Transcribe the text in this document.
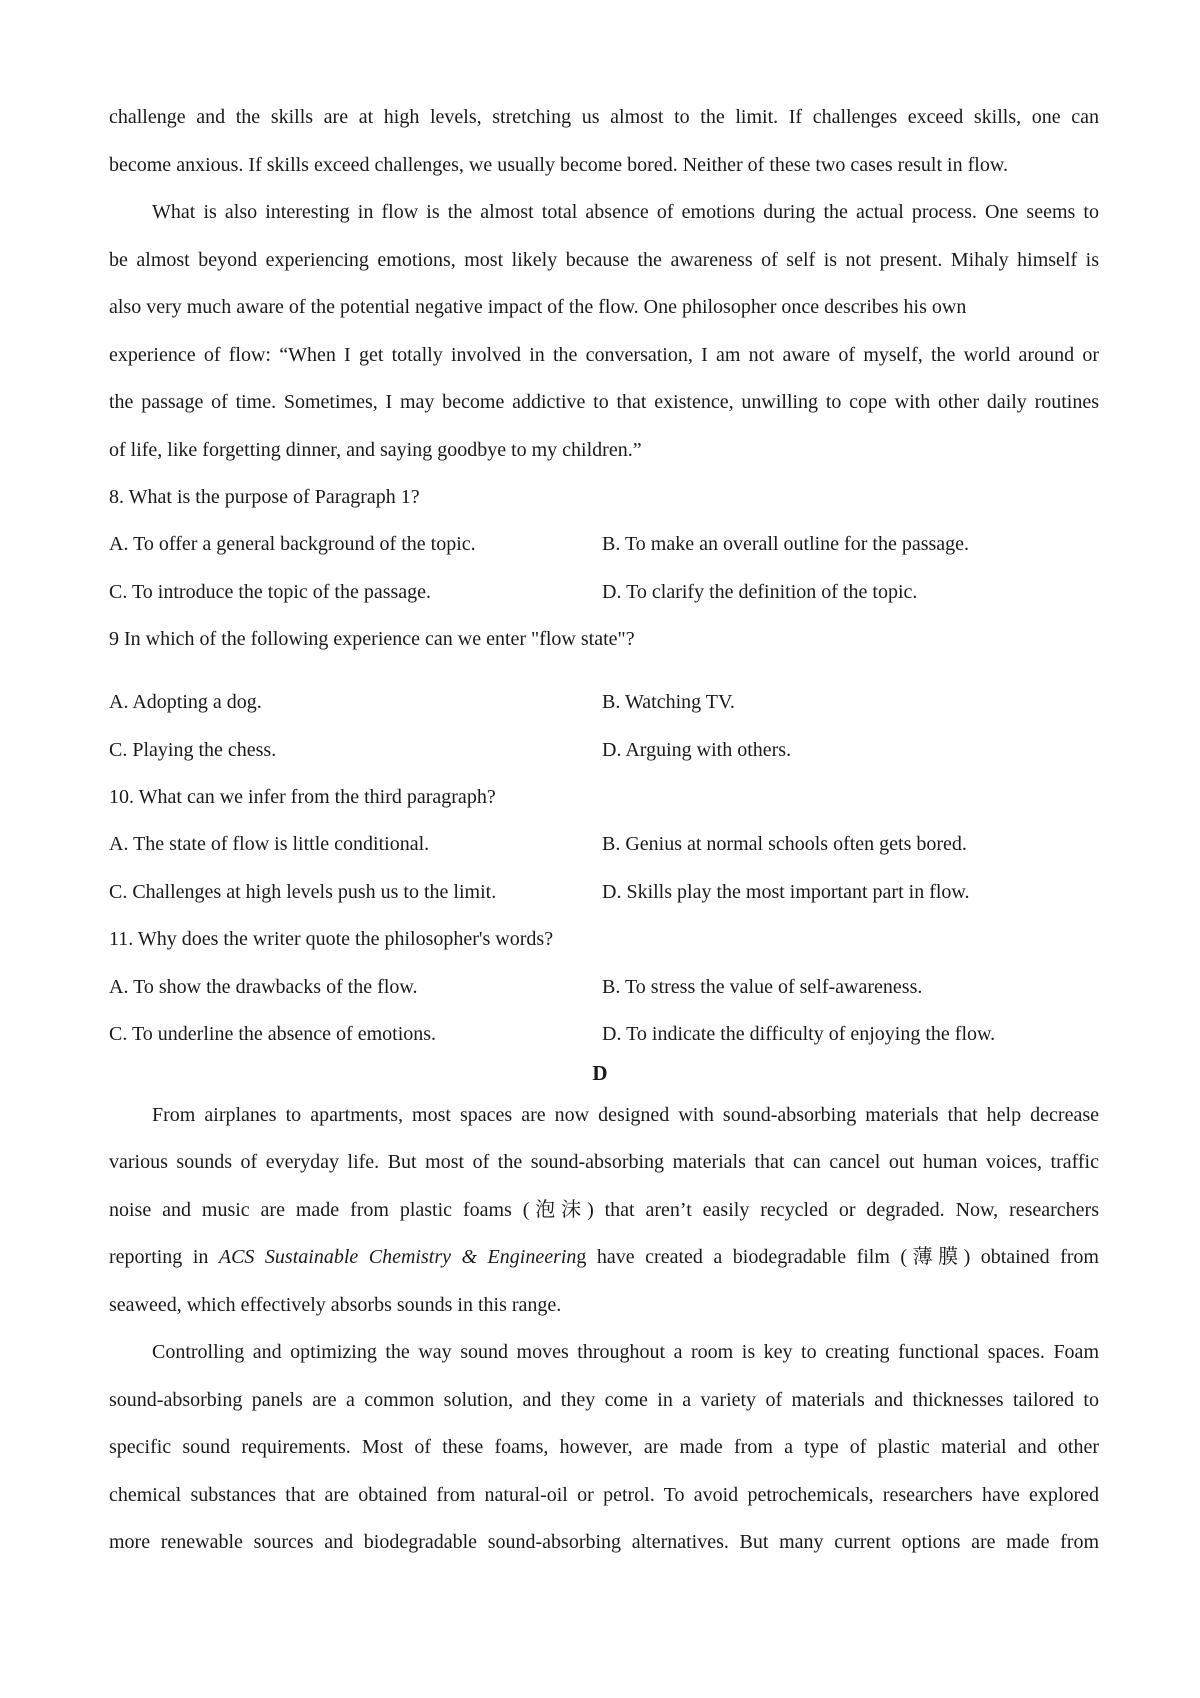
challenge and the skills are at high levels, stretching us almost to the limit. If challenges exceed skills, one can
become anxious. If skills exceed challenges, we usually become bored. Neither of these two cases result in flow.
What is also interesting in flow is the almost total absence of emotions during the actual process. One seems to
be almost beyond experiencing emotions, most likely because the awareness of self is not present. Mihaly himself is
also very much aware of the potential negative impact of the flow. One philosopher once describes his own
experience of flow: “When I get totally involved in the conversation, I am not aware of myself, the world around or
the passage of time. Sometimes, I may become addictive to that existence, unwilling to cope with other daily routines
of life, like forgetting dinner, and saying goodbye to my children.”
8. What is the purpose of Paragraph 1?
A. To offer a general background of the topic.	B. To make an overall outline for the passage.
C. To introduce the topic of the passage.	D. To clarify the definition of the topic.
9 In which of the following experience can we enter "flow state"?
A. Adopting a dog.	B. Watching TV.
C. Playing the chess.	D. Arguing with others.
10. What can we infer from the third paragraph?
A. The state of flow is little conditional.	B. Genius at normal schools often gets bored.
C. Challenges at high levels push us to the limit.	D. Skills play the most important part in flow.
11. Why does the writer quote the philosopher's words?
A. To show the drawbacks of the flow.	B. To stress the value of self-awareness.
C. To underline the absence of emotions.	D. To indicate the difficulty of enjoying the flow.
D
From airplanes to apartments, most spaces are now designed with sound-absorbing materials that help decrease
various sounds of everyday life. But most of the sound-absorbing materials that can cancel out human voices, traffic
noise and music are made from plastic foams (泡沫) that aren’t easily recycled or degraded. Now, researchers
reporting in ACS Sustainable Chemistry & Engineering have created a biodegradable film (薄膜) obtained from
seaweed, which effectively absorbs sounds in this range.
Controlling and optimizing the way sound moves throughout a room is key to creating functional spaces. Foam
sound-absorbing panels are a common solution, and they come in a variety of materials and thicknesses tailored to
specific sound requirements. Most of these foams, however, are made from a type of plastic material and other
chemical substances that are obtained from natural-oil or petrol. To avoid petrochemicals, researchers have explored
more renewable sources and biodegradable sound-absorbing alternatives. But many current options are made from
